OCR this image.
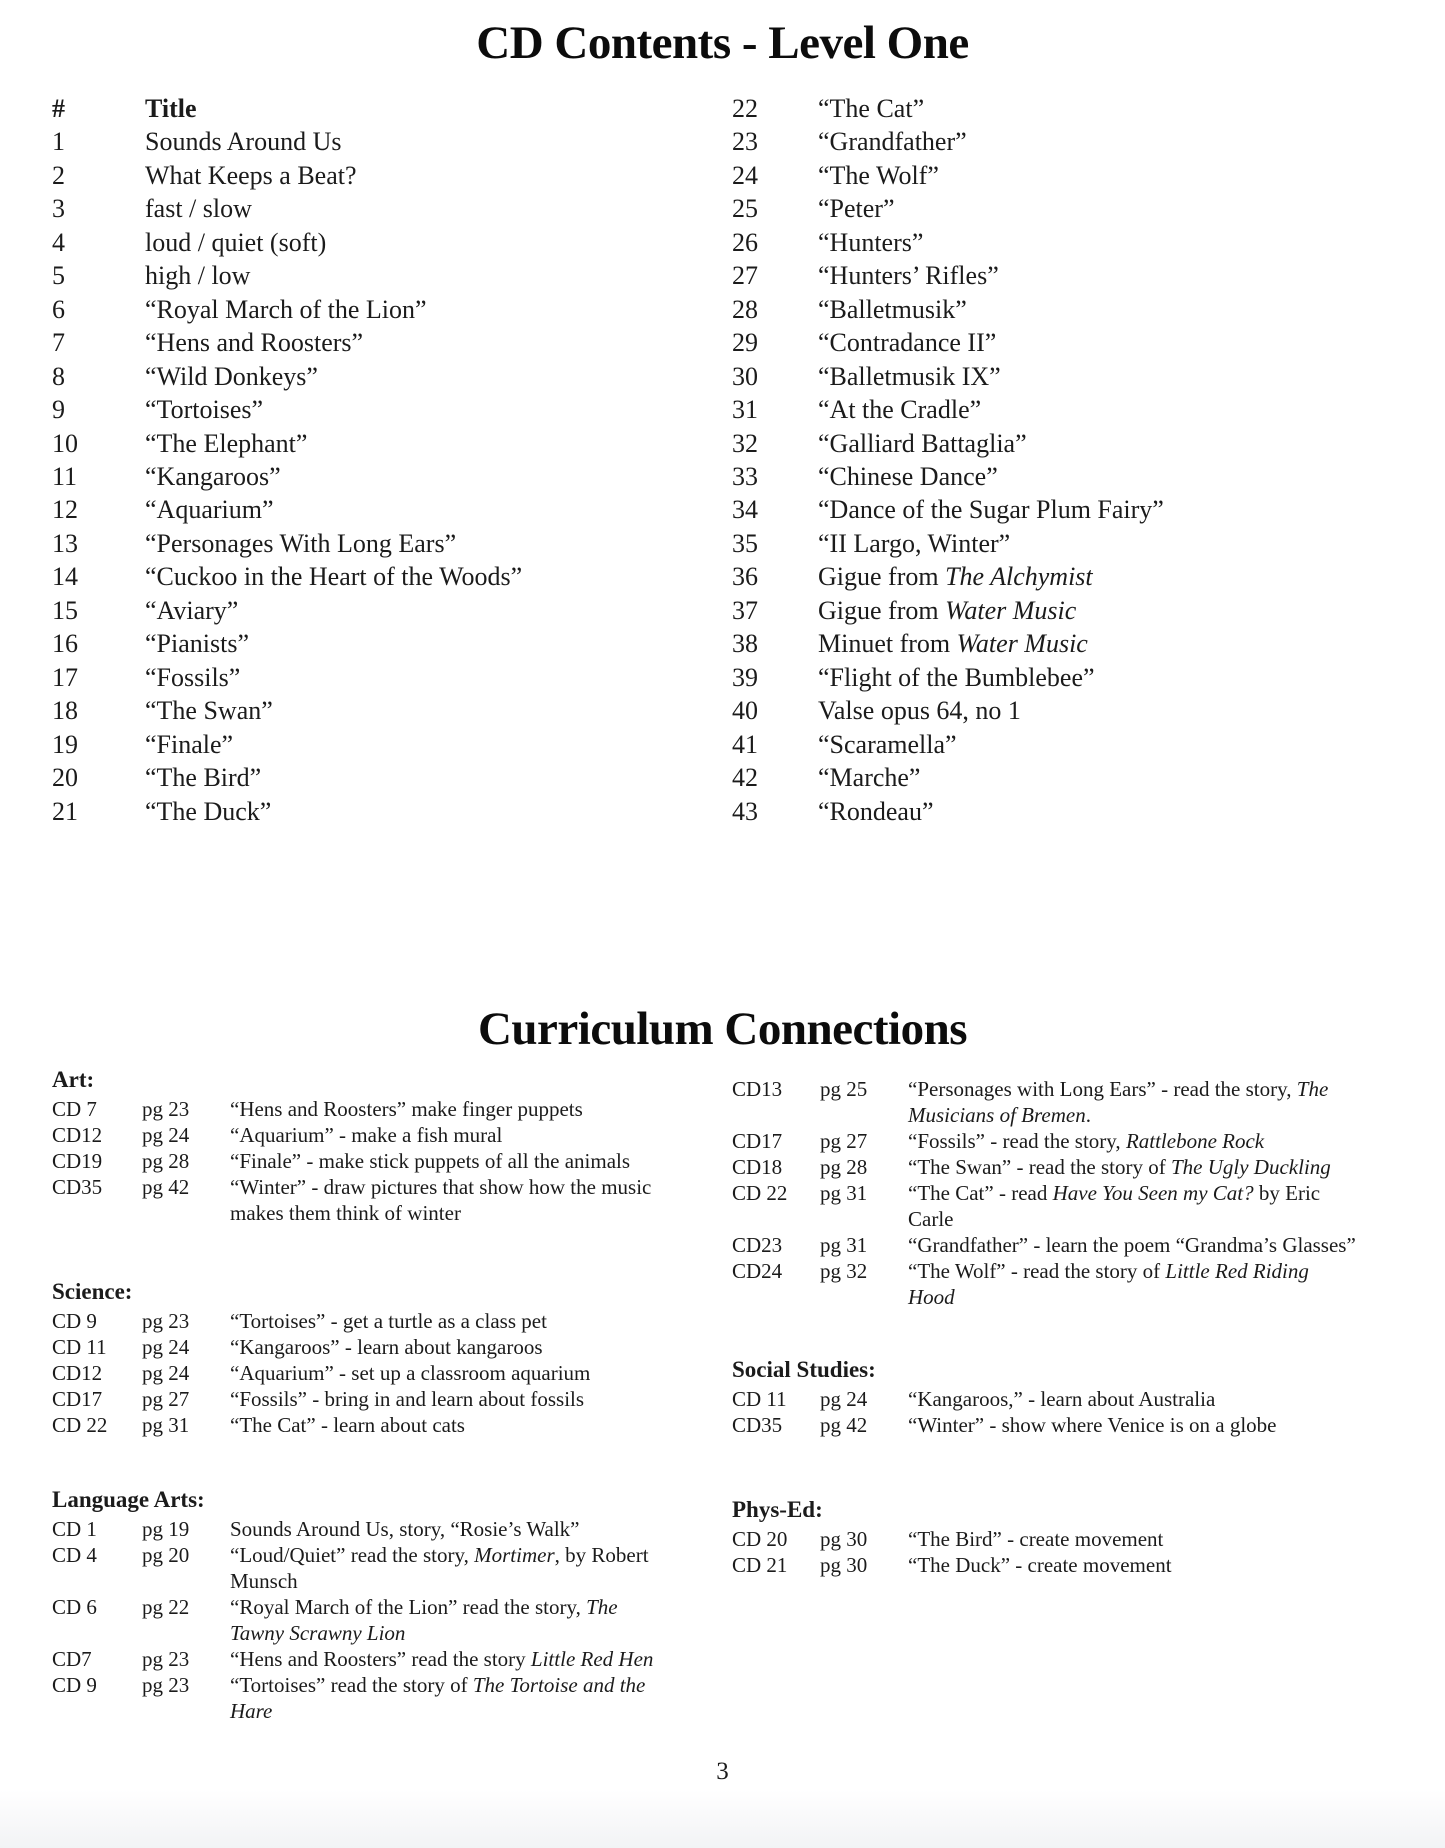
CD Contents - Level One
#	Title
1	Sounds Around Us
2	What Keeps a Beat?
3	fast / slow
4	loud / quiet (soft)
5	high / low
6	“Royal March of the Lion”
7	“Hens and Roosters”
8	“Wild Donkeys”
9	“Tortoises”
10	“The Elephant”
11	“Kangaroos”
12	“Aquarium”
13	“Personages With Long Ears”
14	“Cuckoo in the Heart of the Woods”
15	“Aviary”
16	“Pianists”
17	“Fossils”
18	“The Swan”
19	“Finale”
20	“The Bird”
21	“The Duck”
22	“The Cat”
23	“Grandfather”
24	“The Wolf”
25	“Peter”
26	“Hunters”
27	“Hunters’ Rifles”
28	“Balletmusik”
29	“Contradance II”
30	“Balletmusik IX”
31	“At the Cradle”
32	“Galliard Battaglia”
33	“Chinese Dance”
34	“Dance of the Sugar Plum Fairy”
35	“II Largo, Winter”
36	Gigue from The Alchymist
37	Gigue from Water Music
38	Minuet from Water Music
39	“Flight of the Bumblebee”
40	Valse opus 64, no 1
41	“Scaramella”
42	“Marche”
43	“Rondeau”
Curriculum Connections
Art:
CD 7	pg 23	“Hens and Roosters” make finger puppets
CD12	pg 24	“Aquarium” - make a fish mural
CD19	pg 28	“Finale” - make stick puppets of all the animals
CD35	pg 42	“Winter” - draw pictures that show how the music
makes them think of winter
Science:
CD 9	pg 23	“Tortoises” - get a turtle as a class pet
CD 11	pg 24	“Kangaroos” - learn about kangaroos
CD12	pg 24	“Aquarium” - set up a classroom aquarium
CD17	pg 27	“Fossils” - bring in and learn about fossils
CD 22	pg 31	“The Cat” - learn about cats
Language Arts:
CD 1	pg 19	Sounds Around Us, story, “Rosie’s Walk”
CD 4	pg 20	“Loud/Quiet” read the story, Mortimer, by Robert
Munsch
CD 6	pg 22	“Royal March of the Lion” read the story, The
Tawny Scrawny Lion
CD7	pg 23	“Hens and Roosters” read the story Little Red Hen
CD 9	pg 23	“Tortoises” read the story of The Tortoise and the
Hare
CD13	pg 25	“Personages with Long Ears” - read the story, The
Musicians of Bremen.
CD17	pg 27	“Fossils” - read the story, Rattlebone Rock
CD18	pg 28	“The Swan” - read the story of The Ugly Duckling
CD 22	pg 31	“The Cat” - read Have You Seen my Cat? by Eric
Carle
CD23	pg 31	“Grandfather” - learn the poem “Grandma’s Glasses”
CD24	pg 32	“The Wolf” - read the story of Little Red Riding
Hood
Social Studies:
CD 11	pg 24	“Kangaroos,” - learn about Australia
CD35	pg 42	“Winter” - show where Venice is on a globe
Phys-Ed:
CD 20	pg 30	“The Bird” - create movement
CD 21	pg 30	“The Duck” - create movement
3
